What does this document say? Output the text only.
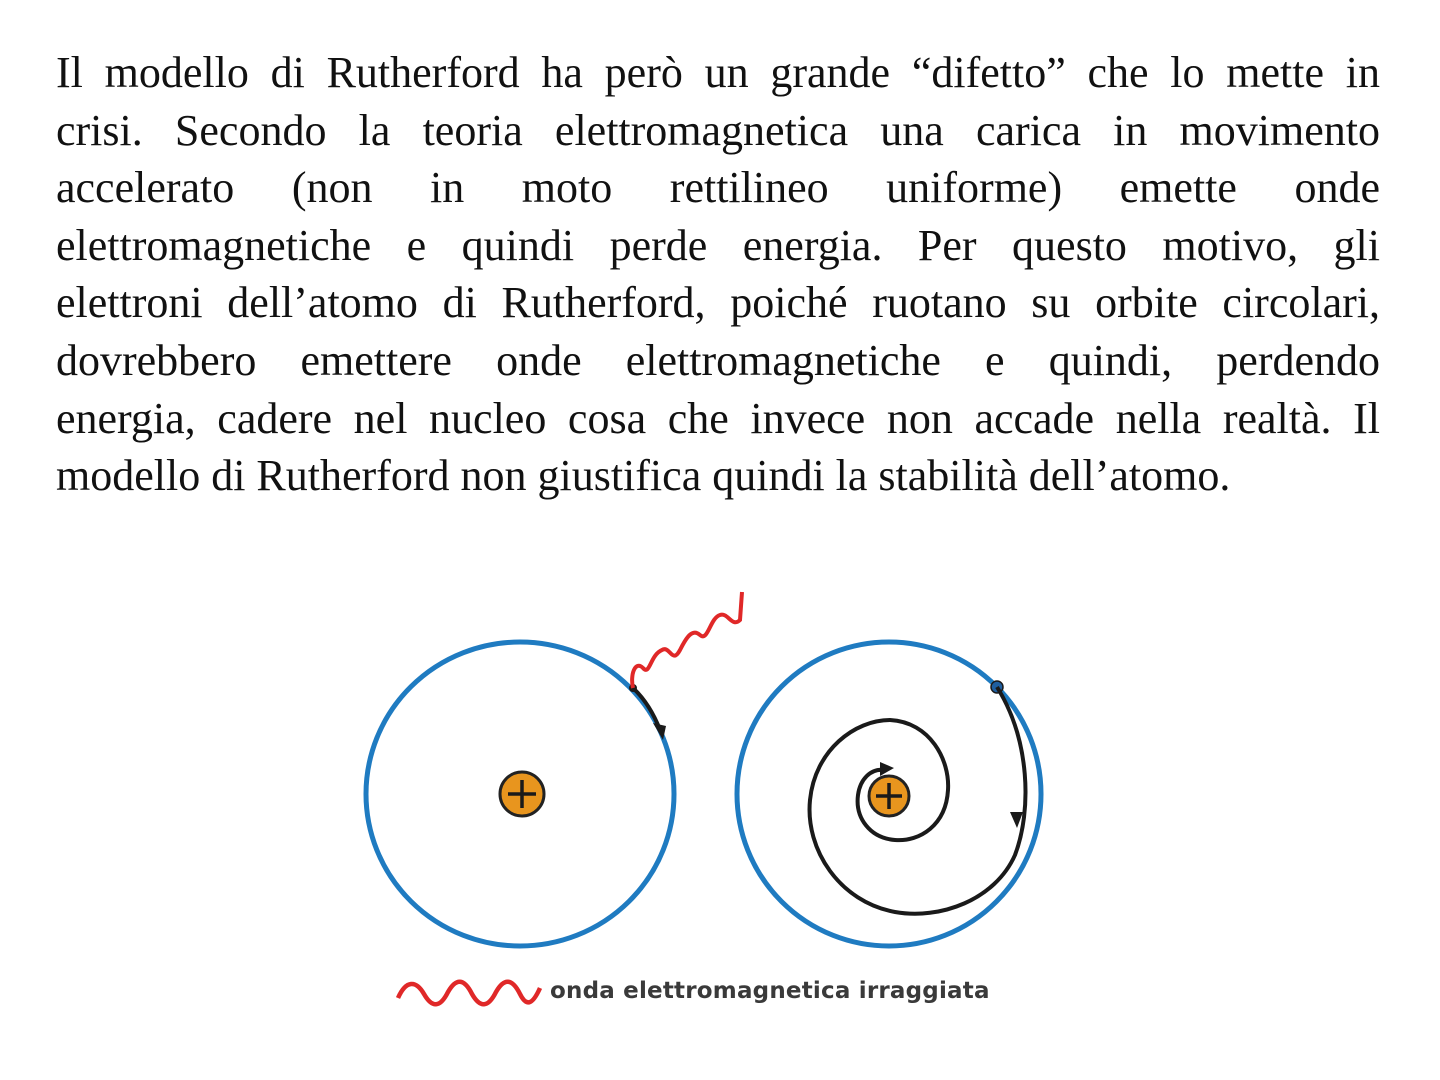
Il modello di Rutherford ha però un grande “difetto” che lo mette in
crisi. Secondo la teoria elettromagnetica una carica in movimento
accelerato (non in moto rettilineo uniforme) emette onde
elettromagnetiche e quindi perde energia. Per questo motivo, gli
elettroni dell’atomo di Rutherford, poiché ruotano su orbite circolari,
dovrebbero emettere onde elettromagnetiche e quindi, perdendo
energia, cadere nel nucleo cosa che invece non accade nella realtà. Il
modello di Rutherford non giustifica quindi la stabilità dell’atomo.

onda elettromagnetica irraggiata
